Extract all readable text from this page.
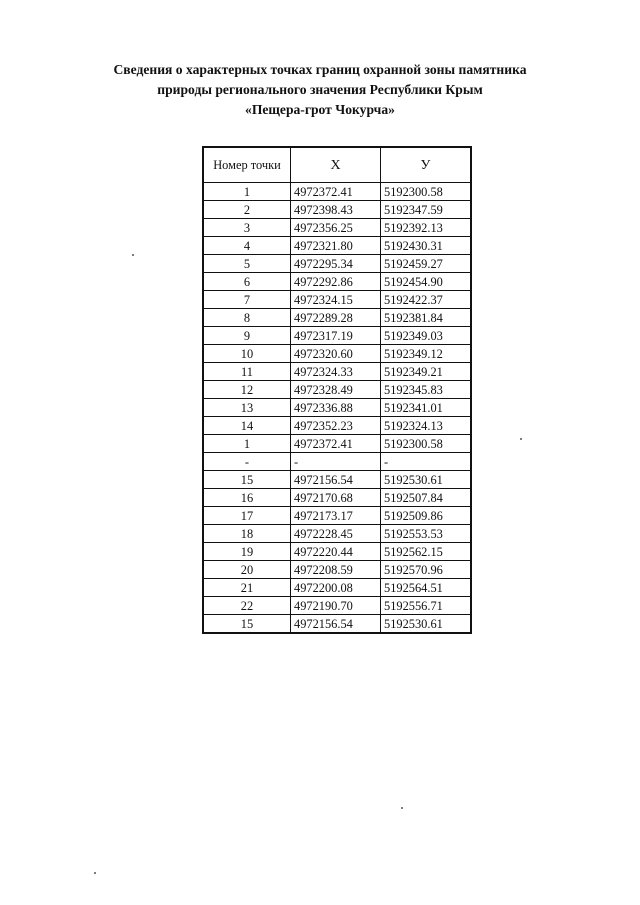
Сведения о характерных точках границ охранной зоны памятника
природы регионального значения Республики Крым
«Пещера-грот Чокурча»
Номер точки	Х	У
1	4972372.41	5192300.58
2	4972398.43	5192347.59
3	4972356.25	5192392.13
4	4972321.80	5192430.31
5	4972295.34	5192459.27
6	4972292.86	5192454.90
7	4972324.15	5192422.37
8	4972289.28	5192381.84
9	4972317.19	5192349.03
10	4972320.60	5192349.12
11	4972324.33	5192349.21
12	4972328.49	5192345.83
13	4972336.88	5192341.01
14	4972352.23	5192324.13
1	4972372.41	5192300.58
-	-	-
15	4972156.54	5192530.61
16	4972170.68	5192507.84
17	4972173.17	5192509.86
18	4972228.45	5192553.53
19	4972220.44	5192562.15
20	4972208.59	5192570.96
21	4972200.08	5192564.51
22	4972190.70	5192556.71
15	4972156.54	5192530.61
